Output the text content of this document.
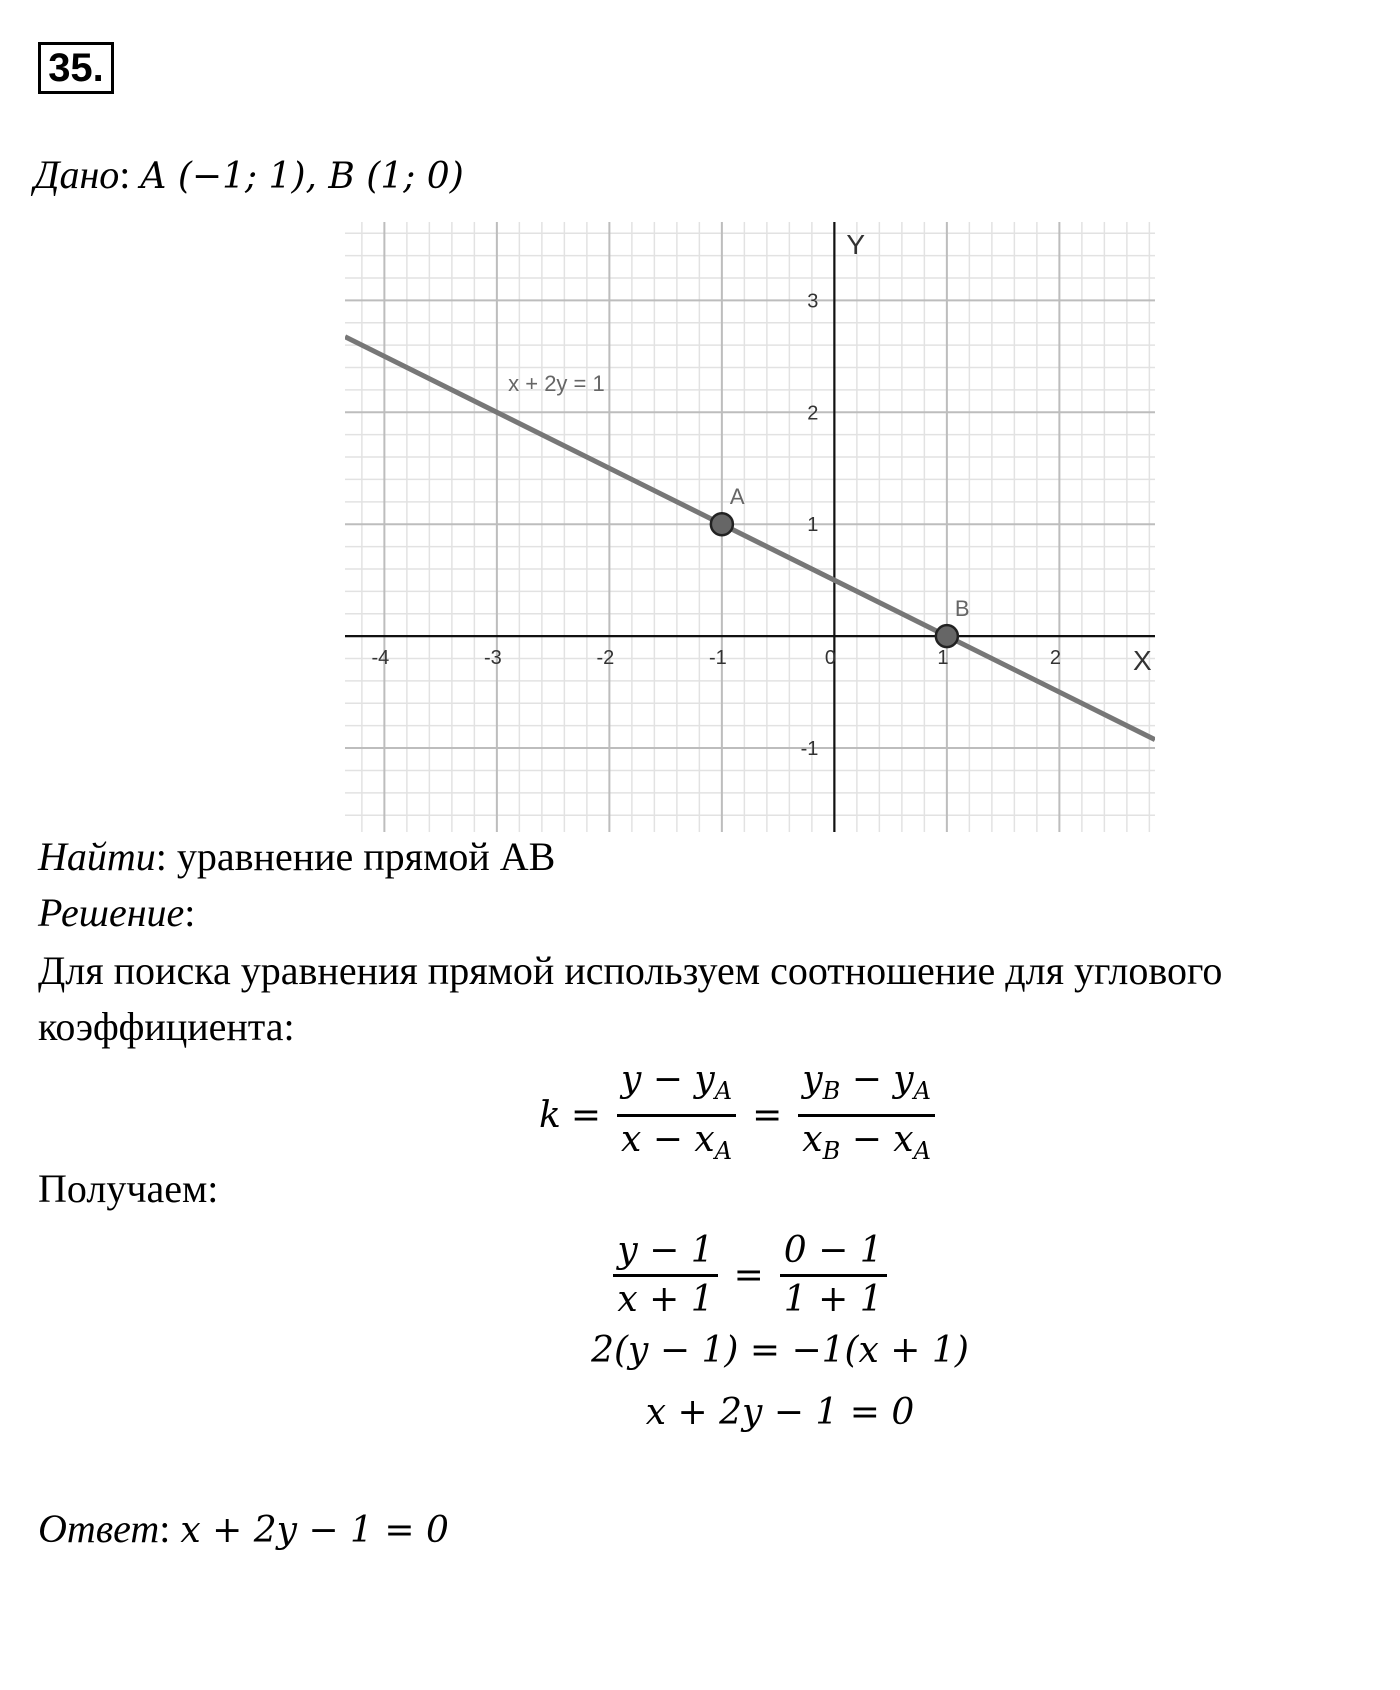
35.
Дано: A (−1; 1), B (1; 0)
x + 2y = 1
-4	-3	-2	-1	0	1	2
-1
1
2
3
X
Y
A
B
Найти: уравнение прямой AB
Решение:
Для поиска уравнения прямой используем соотношение для углового
коэффициента:
$k = \frac{y - y_A}{x - x_A} = \frac{y_B - y_A}{x_B - x_A}$
Получаем:
$\frac{y - 1}{x + 1} = \frac{0 - 1}{1 + 1}$
2(y − 1) = −1(x + 1)
x + 2y − 1 = 0
Ответ: x + 2y − 1 = 0
